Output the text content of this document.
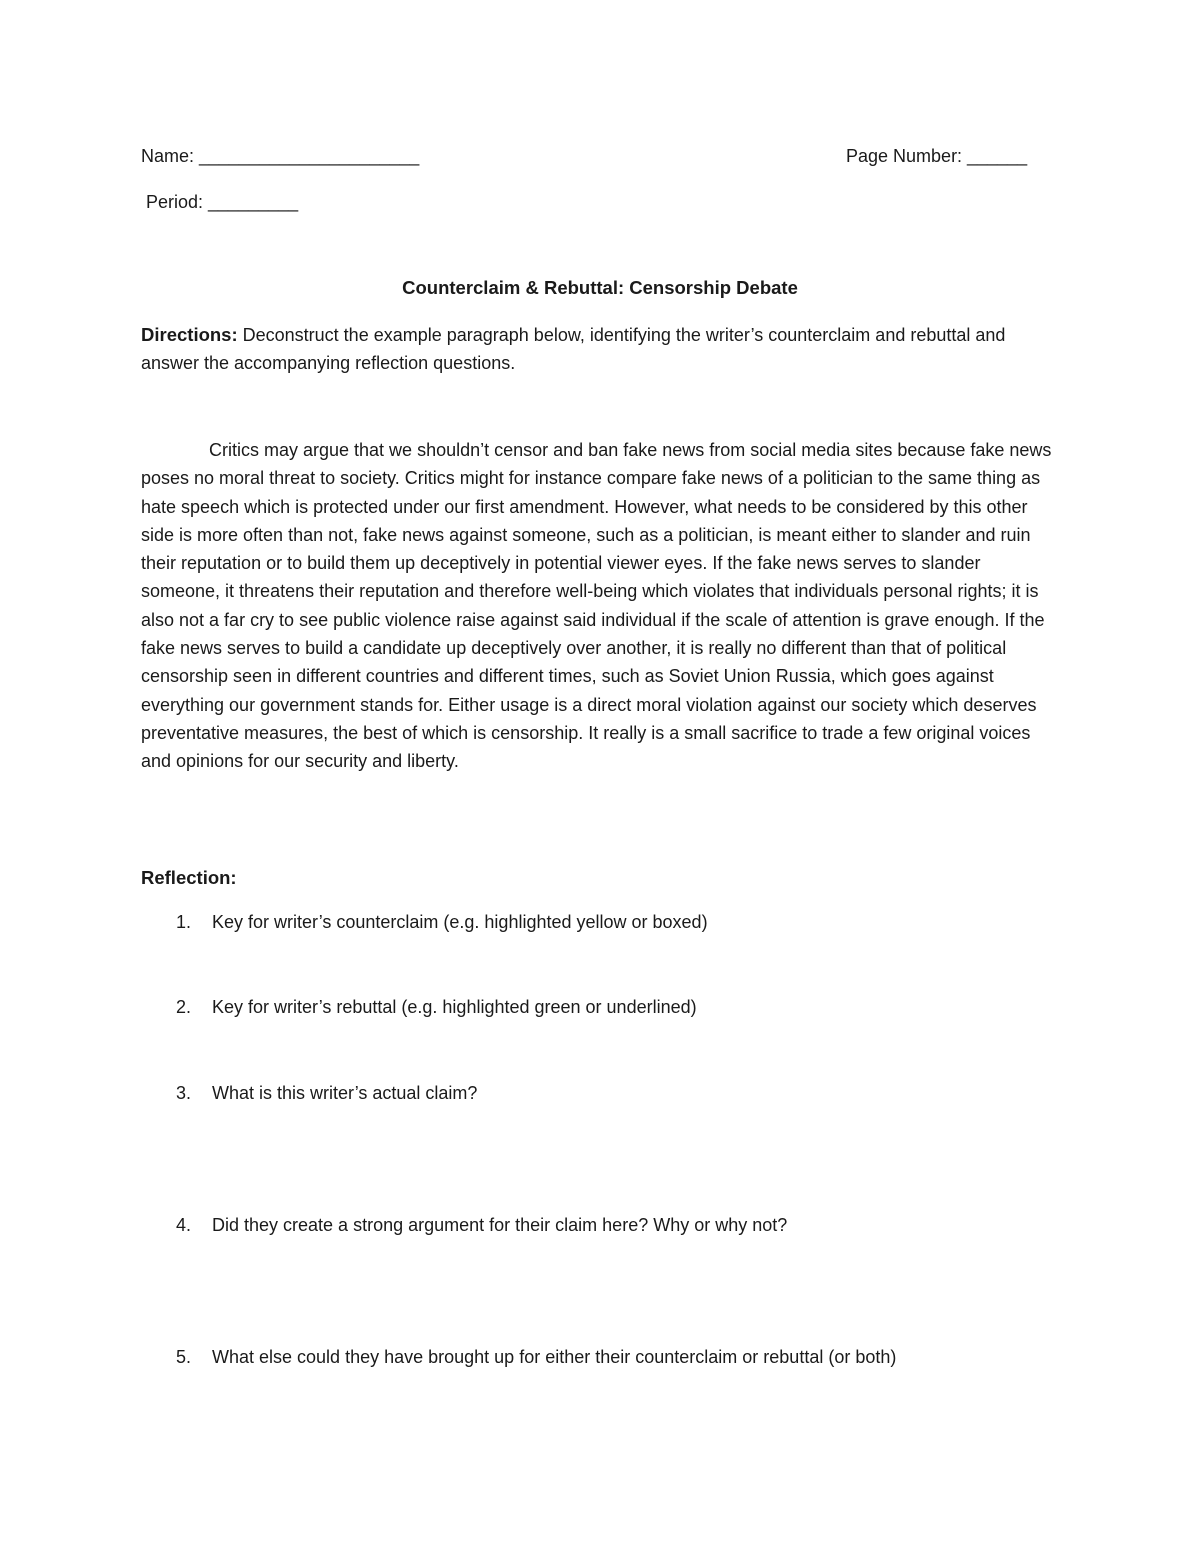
Name: ______________________	Page Number: ______
Period: _________
Counterclaim & Rebuttal: Censorship Debate
Directions: Deconstruct the example paragraph below, identifying the writer’s counterclaim and rebuttal and answer the accompanying reflection questions.
Critics may argue that we shouldn’t censor and ban fake news from social media sites because fake news poses no moral threat to society. Critics might for instance compare fake news of a politician to the same thing as hate speech which is protected under our first amendment. However, what needs to be considered by this other side is more often than not, fake news against someone, such as a politician, is meant either to slander and ruin their reputation or to build them up deceptively in potential viewer eyes. If the fake news serves to slander someone, it threatens their reputation and therefore well-being which violates that individuals personal rights; it is also not a far cry to see public violence raise against said individual if the scale of attention is grave enough. If the fake news serves to build a candidate up deceptively over another, it is really no different than that of political censorship seen in different countries and different times, such as Soviet Union Russia, which goes against everything our government stands for. Either usage is a direct moral violation against our society which deserves preventative measures, the best of which is censorship. It really is a small sacrifice to trade a few original voices and opinions for our security and liberty.
Reflection:
1.	Key for writer’s counterclaim (e.g. highlighted yellow or boxed)
2.	Key for writer’s rebuttal (e.g. highlighted green or underlined)
3.	What is this writer’s actual claim?
4.	Did they create a strong argument for their claim here? Why or why not?
5.	What else could they have brought up for either their counterclaim or rebuttal (or both)
